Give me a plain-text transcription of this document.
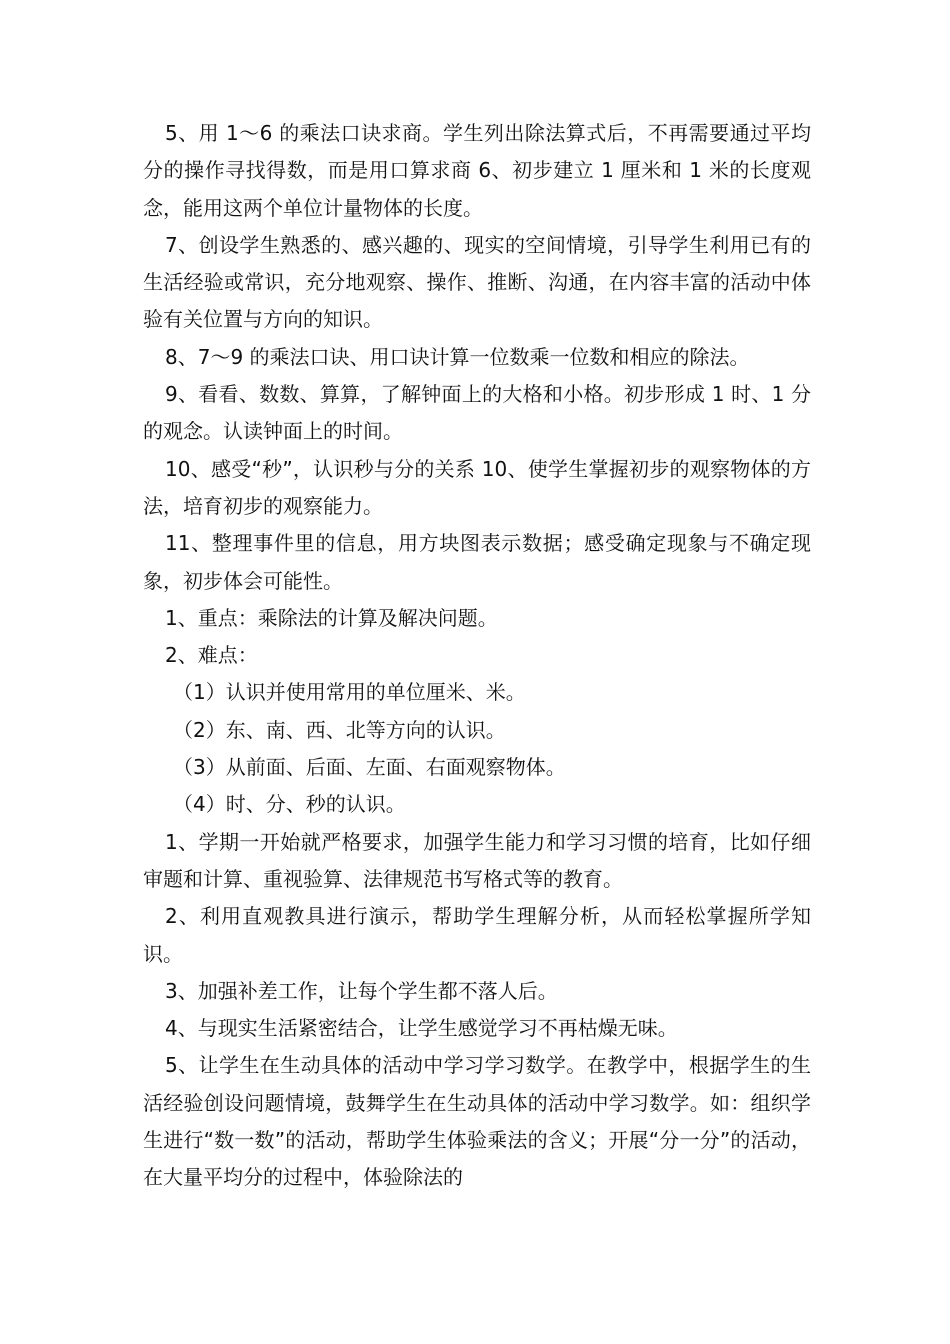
5、用 1～6 的乘法口诀求商。学生列出除法算式后，不再需要通过平均分的操作寻找得数，而是用口算求商 6、初步建立 1 厘米和 1 米的长度观念，能用这两个单位计量物体的长度。

7、创设学生熟悉的、感兴趣的、现实的空间情境，引导学生利用已有的生活经验或常识，充分地观察、操作、推断、沟通，在内容丰富的活动中体验有关位置与方向的知识。

8、7～9 的乘法口诀、用口诀计算一位数乘一位数和相应的除法。

9、看看、数数、算算，了解钟面上的大格和小格。初步形成 1 时、1 分的观念。认读钟面上的时间。

10、感受“秒”，认识秒与分的关系 10、使学生掌握初步的观察物体的方法，培育初步的观察能力。

11、整理事件里的信息，用方块图表示数据；感受确定现象与不确定现象，初步体会可能性。

1、重点：乘除法的计算及解决问题。

2、难点：

（1）认识并使用常用的单位厘米、米。

（2）东、南、西、北等方向的认识。

（3）从前面、后面、左面、右面观察物体。

（4）时、分、秒的认识。

1、学期一开始就严格要求，加强学生能力和学习习惯的培育，比如仔细审题和计算、重视验算、法律规范书写格式等的教育。

2、利用直观教具进行演示，帮助学生理解分析，从而轻松掌握所学知识。

3、加强补差工作，让每个学生都不落人后。

4、与现实生活紧密结合，让学生感觉学习不再枯燥无味。

5、让学生在生动具体的活动中学习学习数学。在教学中，根据学生的生活经验创设问题情境，鼓舞学生在生动具体的活动中学习数学。如：组织学生进行“数一数”的活动，帮助学生体验乘法的含义；开展“分一分”的活动，在大量平均分的过程中，体验除法的
